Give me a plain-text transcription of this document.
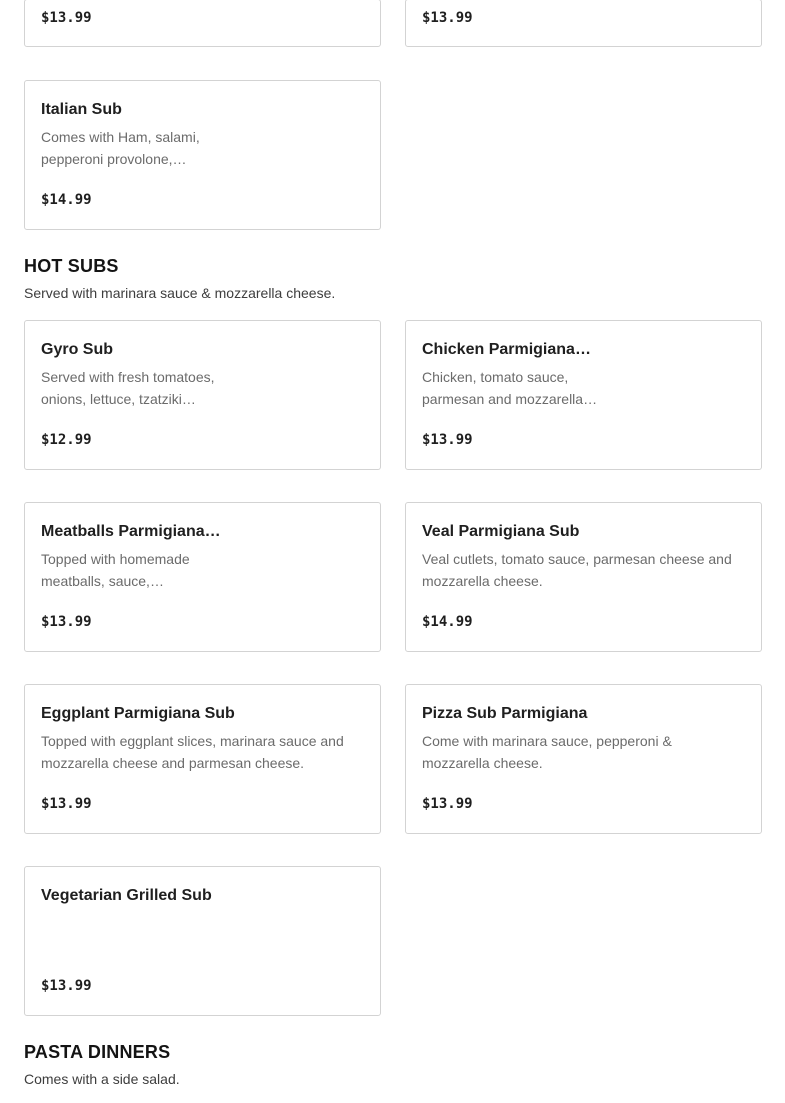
$13.99	$13.99
Italian Sub
Comes with Ham, salami, pepperoni provolone,…
$14.99
HOT SUBS
Served with marinara sauce & mozzarella cheese.
Gyro Sub
Served with fresh tomatoes, onions, lettuce, tzatziki…
$12.99
Chicken Parmigiana…
Chicken, tomato sauce, parmesan and mozzarella…
$13.99
Meatballs Parmigiana…
Topped with homemade meatballs, sauce,…
$13.99
Veal Parmigiana Sub
Veal cutlets, tomato sauce, parmesan cheese and mozzarella cheese.
$14.99
Eggplant Parmigiana Sub
Topped with eggplant slices, marinara sauce and mozzarella cheese and parmesan cheese.
$13.99
Pizza Sub Parmigiana
Come with marinara sauce, pepperoni & mozzarella cheese.
$13.99
Vegetarian Grilled Sub
$13.99
PASTA DINNERS
Comes with a side salad.
